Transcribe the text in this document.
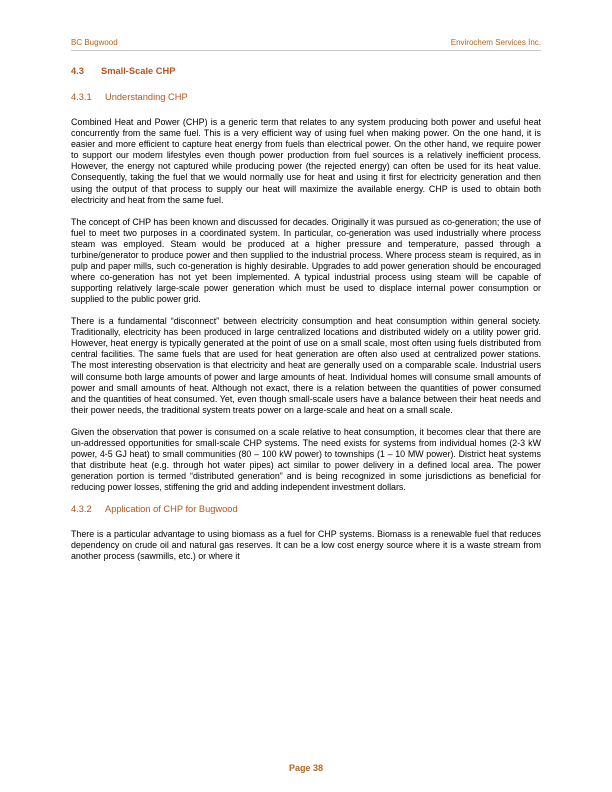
BC Bugwood	Envirochem Services Inc.
4.3 Small-Scale CHP
4.3.1 Understanding CHP

Combined Heat and Power (CHP) is a generic term that relates to any system producing both power and useful heat concurrently from the same fuel. This is a very efficient way of using fuel when making power. On the one hand, it is easier and more efficient to capture heat energy from fuels than electrical power. On the other hand, we require power to support our modern lifestyles even though power production from fuel sources is a relatively inefficient process. However, the energy not captured while producing power (the rejected energy) can often be used for its heat value. Consequently, taking the fuel that we would normally use for heat and using it first for electricity generation and then using the output of that process to supply our heat will maximize the available energy. CHP is used to obtain both electricity and heat from the same fuel.

The concept of CHP has been known and discussed for decades. Originally it was pursued as co-generation; the use of fuel to meet two purposes in a coordinated system. In particular, co-generation was used industrially where process steam was employed. Steam would be produced at a higher pressure and temperature, passed through a turbine/generator to produce power and then supplied to the industrial process. Where process steam is required, as in pulp and paper mills, such co-generation is highly desirable. Upgrades to add power generation should be encouraged where co-generation has not yet been implemented. A typical industrial process using steam will be capable of supporting relatively large-scale power generation which must be used to displace internal power consumption or supplied to the public power grid.

There is a fundamental “disconnect” between electricity consumption and heat consumption within general society. Traditionally, electricity has been produced in large centralized locations and distributed widely on a utility power grid. However, heat energy is typically generated at the point of use on a small scale, most often using fuels distributed from central facilities. The same fuels that are used for heat generation are often also used at centralized power stations. The most interesting observation is that electricity and heat are generally used on a comparable scale. Industrial users will consume both large amounts of power and large amounts of heat. Individual homes will consume small amounts of power and small amounts of heat. Although not exact, there is a relation between the quantities of power consumed and the quantities of heat consumed. Yet, even though small-scale users have a balance between their heat needs and their power needs, the traditional system treats power on a large-scale and heat on a small scale.

Given the observation that power is consumed on a scale relative to heat consumption, it becomes clear that there are un-addressed opportunities for small-scale CHP systems. The need exists for systems from individual homes (2-3 kW power, 4-5 GJ heat) to small communities (80 – 100 kW power) to townships (1 – 10 MW power). District heat systems that distribute heat (e.g. through hot water pipes) act similar to power delivery in a defined local area. The power generation portion is termed “distributed generation” and is being recognized in some jurisdictions as beneficial for reducing power losses, stiffening the grid and adding independent investment dollars.

4.3.2 Application of CHP for Bugwood

There is a particular advantage to using biomass as a fuel for CHP systems. Biomass is a renewable fuel that reduces dependency on crude oil and natural gas reserves. It can be a low cost energy source where it is a waste stream from another process (sawmills, etc.) or where it

Page 38
